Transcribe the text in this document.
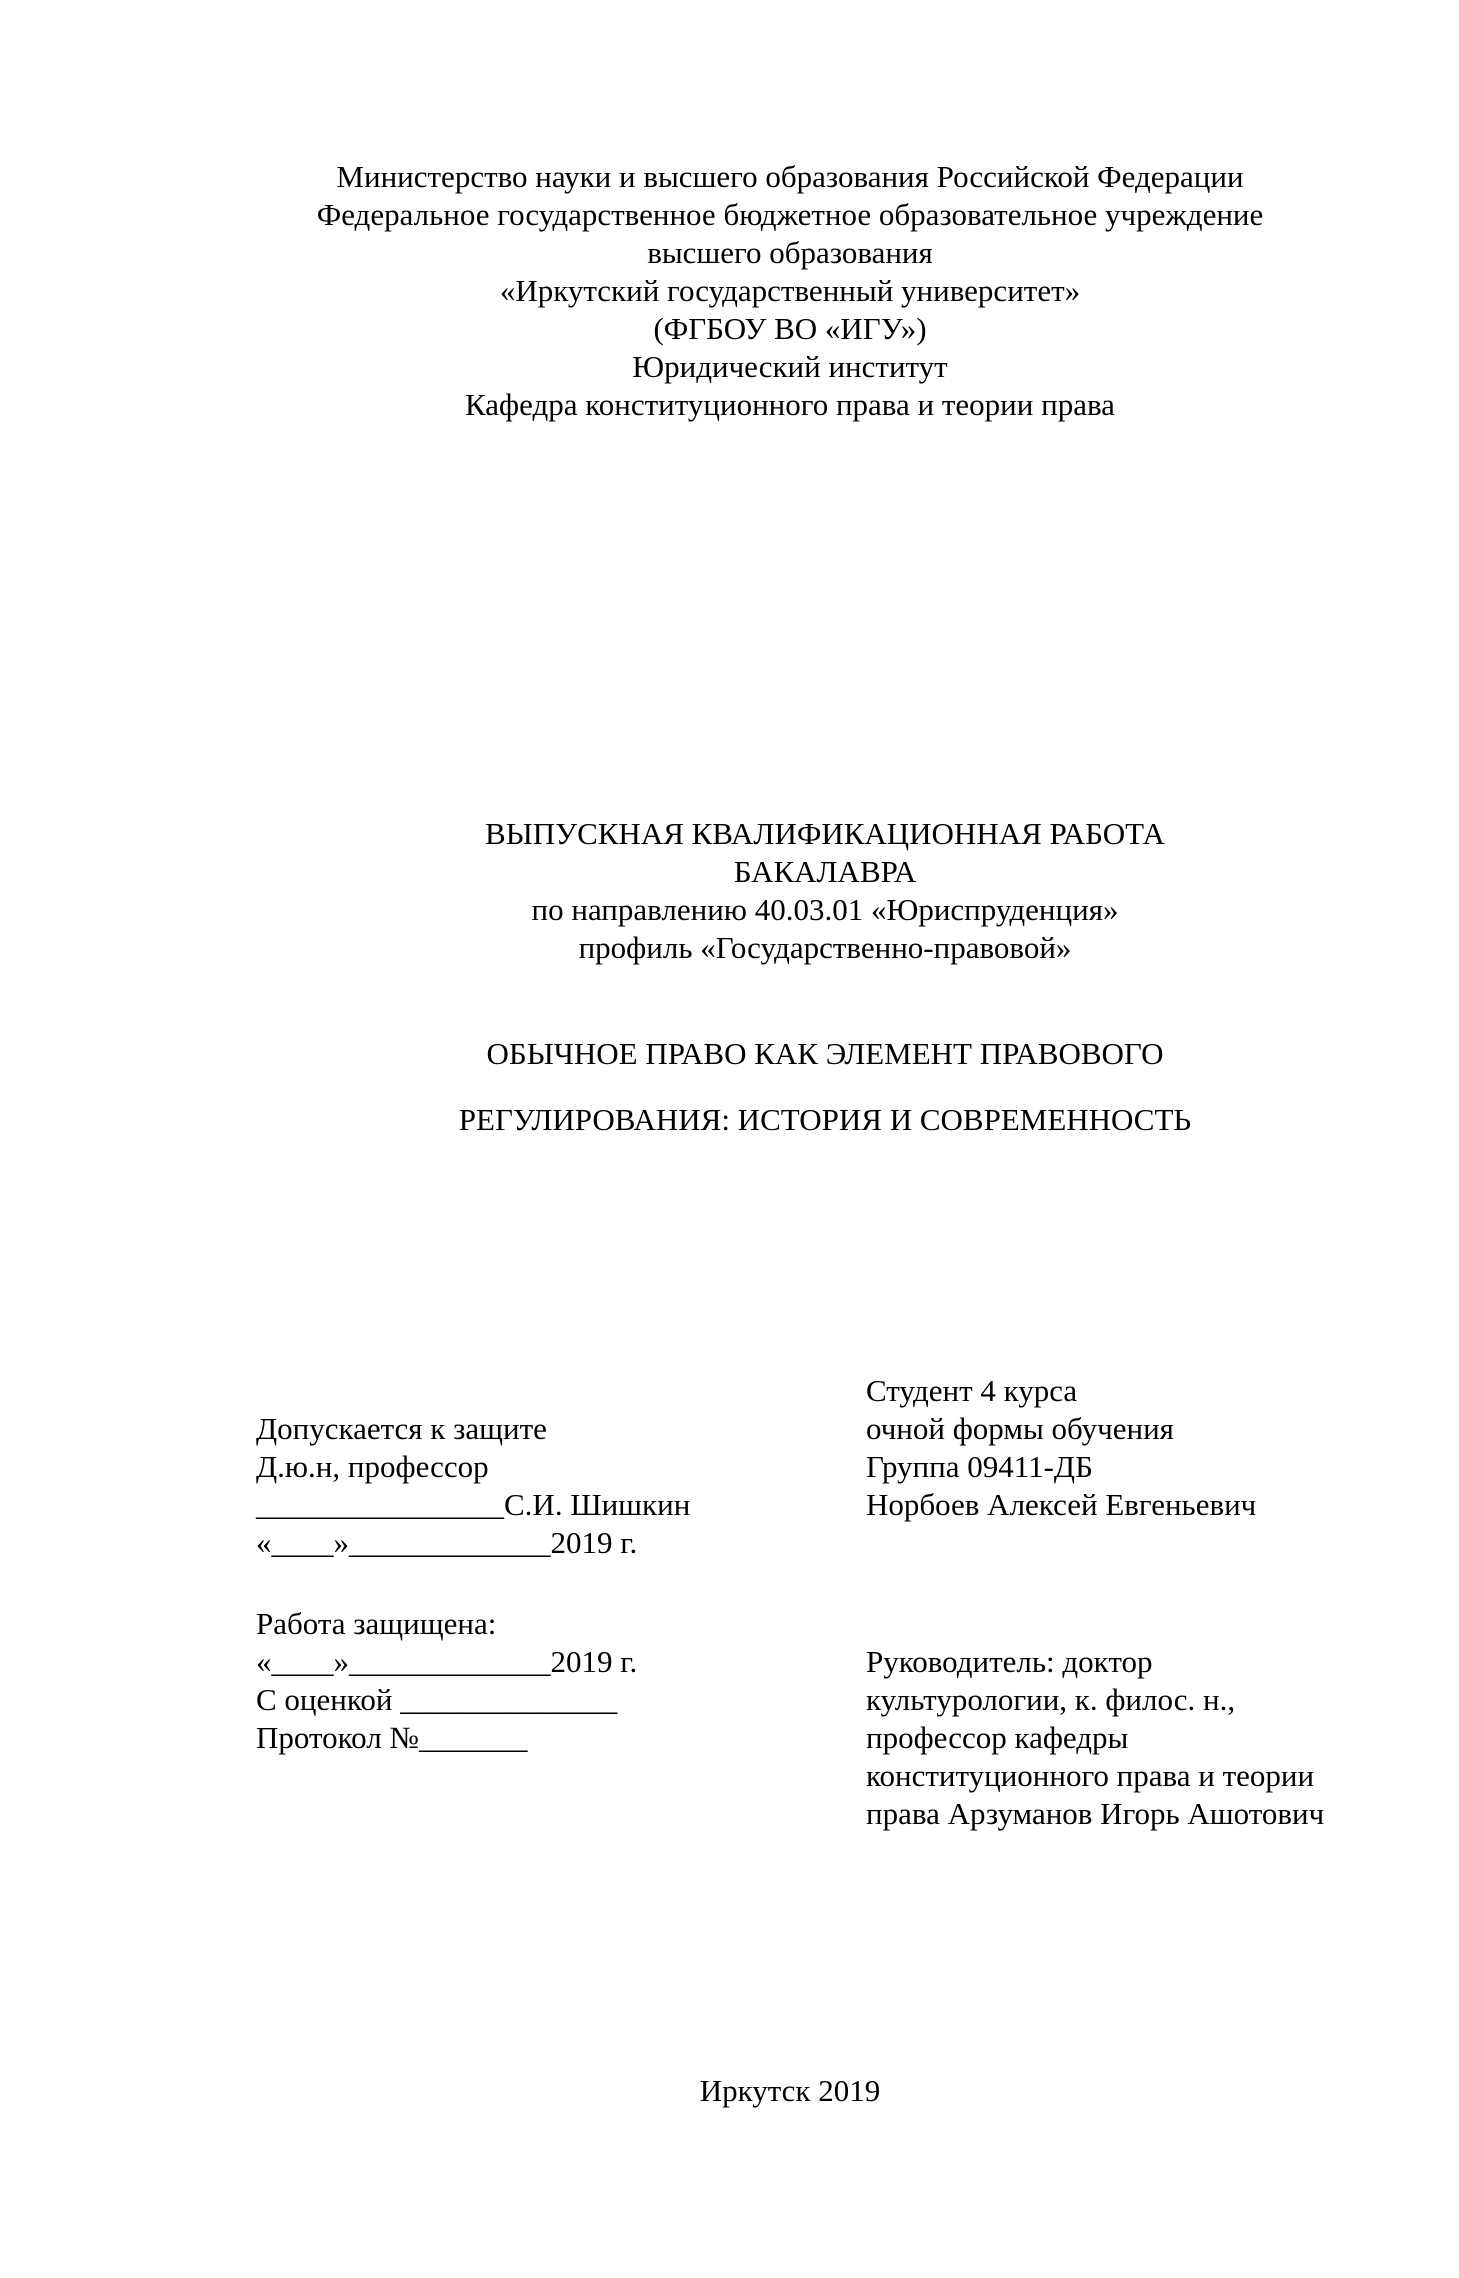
Министерство науки и высшего образования Российской Федерации
Федеральное государственное бюджетное образовательное учреждение
высшего образования
«Иркутский государственный университет»
(ФГБОУ ВО «ИГУ»)
Юридический институт
Кафедра конституционного права и теории права
ВЫПУСКНАЯ КВАЛИФИКАЦИОННАЯ РАБОТА
БАКАЛАВРА
по направлению 40.03.01 «Юриспруденция»
профиль «Государственно-правовой»
ОБЫЧНОЕ ПРАВО КАК ЭЛЕМЕНТ ПРАВОВОГО
РЕГУЛИРОВАНИЯ: ИСТОРИЯ И СОВРЕМЕННОСТЬ
Допускается к защите
Д.ю.н, профессор
________________С.И. Шишкин
«____»_____________2019 г.
Работа защищена:
«____»_____________2019 г.
С оценкой ______________
Протокол №_______
Студент 4 курса
очной формы обучения
Группа 09411-ДБ
Норбоев Алексей Евгеньевич
Руководитель: доктор
культурологии, к. филос. н.,
профессор кафедры
конституционного права и теории
права Арзуманов Игорь Ашотович
Иркутск 2019
